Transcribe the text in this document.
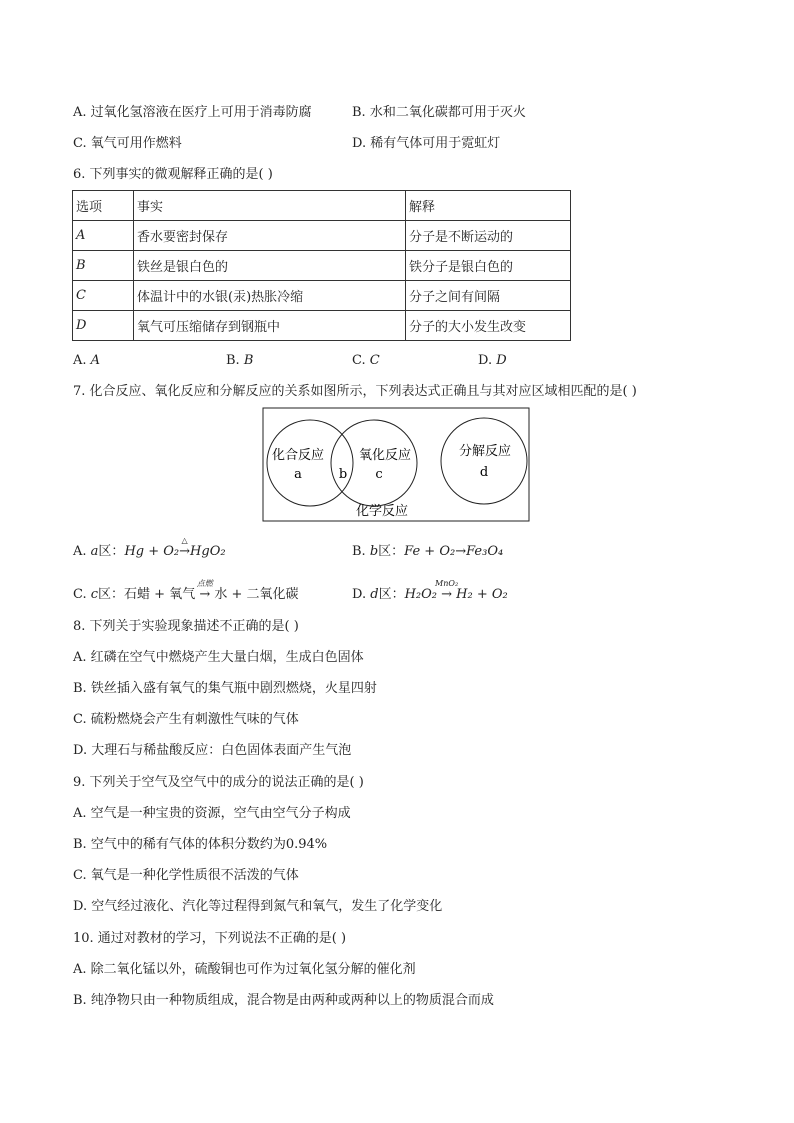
A. 过氧化氢溶液在医疗上可用于消毒防腐	B. 水和二氧化碳都可用于灭火
C. 氧气可用作燃料	D. 稀有气体可用于霓虹灯
6. 下列事实的微观解释正确的是( )
选项	事实	解释
A	香水要密封保存	分子是不断运动的
B	铁丝是银白色的	铁分子是银白色的
C	体温计中的水银(汞)热胀冷缩	分子之间有间隔
D	氧气可压缩储存到钢瓶中	分子的大小发生改变
A. A	B. B	C. C	D. D
7. 化合反应、氧化反应和分解反应的关系如图所示，下列表达式正确且与其对应区域相匹配的是( )
化合反应
a	b
氧化反应
c
分解反应
d
化学反应
A. a区：Hg + O₂
△
→HgO₂	B. b区：Fe + O₂→Fe₃O₄
C. c区：石蜡 + 氧气
点燃
→ 水 + 二氧化碳	D. d区：H₂O₂
MnO₂
→ H₂ + O₂
8. 下列关于实验现象描述不正确的是( )
A. 红磷在空气中燃烧产生大量白烟，生成白色固体
B. 铁丝插入盛有氧气的集气瓶中剧烈燃烧，火星四射
C. 硫粉燃烧会产生有刺激性气味的气体
D. 大理石与稀盐酸反应：白色固体表面产生气泡
9. 下列关于空气及空气中的成分的说法正确的是( )
A. 空气是一种宝贵的资源，空气由空气分子构成
B. 空气中的稀有气体的体积分数约为0.94%
C. 氧气是一种化学性质很不活泼的气体
D. 空气经过液化、汽化等过程得到氮气和氧气，发生了化学变化
10. 通过对教材的学习，下列说法不正确的是( )
A. 除二氧化锰以外，硫酸铜也可作为过氧化氢分解的催化剂
B. 纯净物只由一种物质组成，混合物是由两种或两种以上的物质混合而成
